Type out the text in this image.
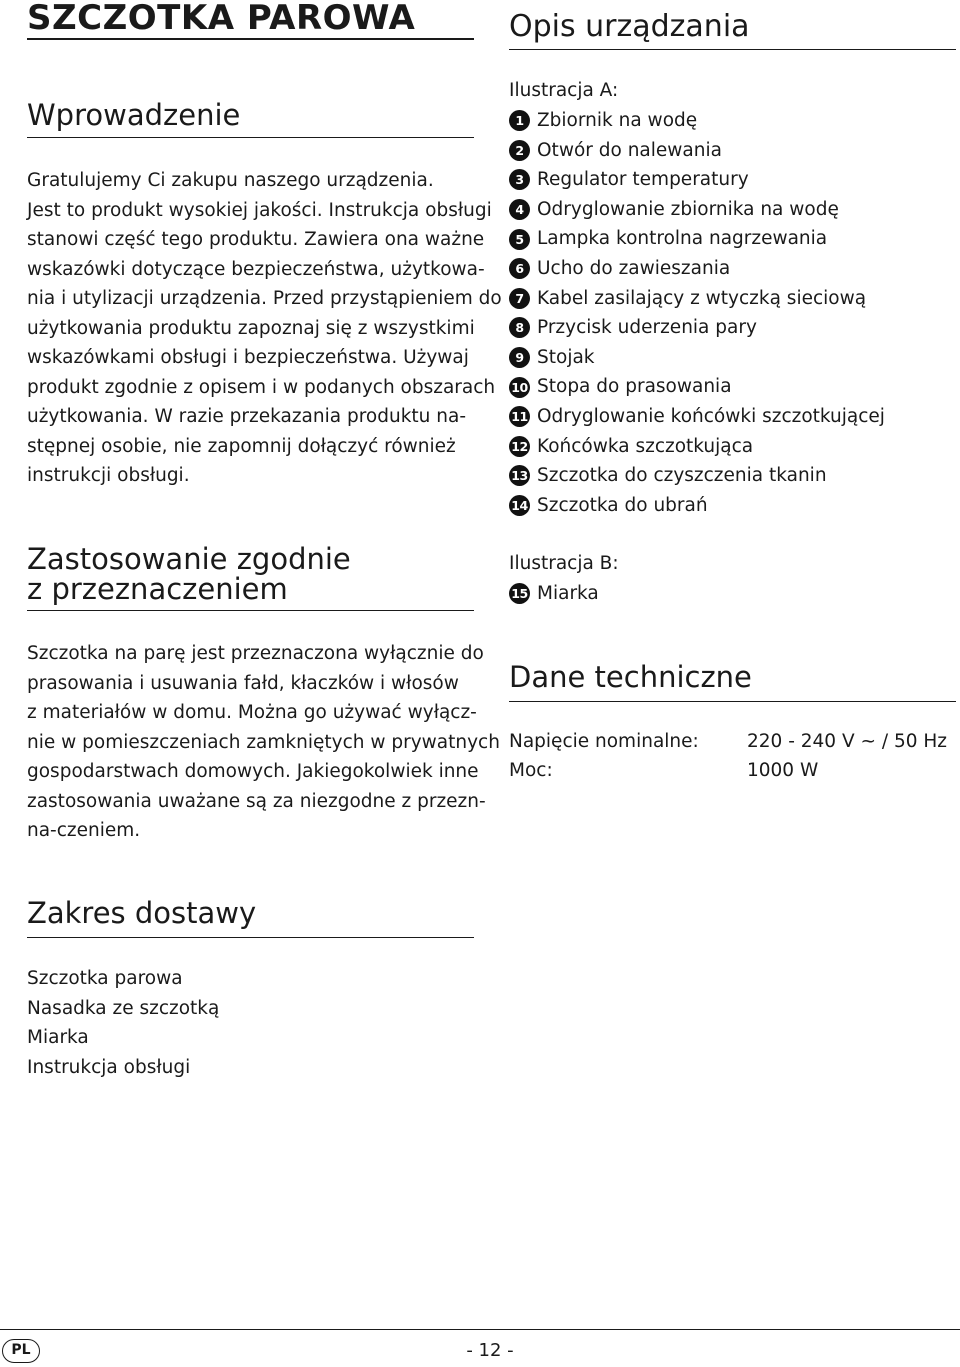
SZCZOTKA PAROWA	Opis urządzania
Wprowadzenie
Gratulujemy Ci zakupu naszego urządzenia.
Jest to produkt wysokiej jakości. Instrukcja obsługi
stanowi część tego produktu. Zawiera ona ważne
wskazówki dotyczące bezpieczeństwa, użytkowa-
nia i utylizacji urządzenia. Przed przystąpieniem do
użytkowania produktu zapoznaj się z wszystkimi
wskazówkami obsługi i bezpieczeństwa. Używaj
produkt zgodnie z opisem i w podanych obszarach
użytkowania. W razie przekazania produktu na-
stępnej osobie, nie zapomnij dołączyć również
instrukcji obsługi.
Zastosowanie zgodnie
z przeznaczeniem
Szczotka na parę jest przeznaczona wyłącznie do
prasowania i usuwania fałd, kłaczków i włosów
z materiałów w domu. Można go używać wyłącz-
nie w pomieszczeniach zamkniętych w prywatnych
gospodarstwach domowych. Jakiegokolwiek inne
zastosowania uważane są za niezgodne z przezn-
na-czeniem.
Zakres dostawy
Szczotka parowa
Nasadka ze szczotką
Miarka
Instrukcja obsługi
Ilustracja A:
1 Zbiornik na wodę
2 Otwór do nalewania
3 Regulator temperatury
4 Odryglowanie zbiornika na wodę
5 Lampka kontrolna nagrzewania
6 Ucho do zawieszania
7 Kabel zasilający z wtyczką sieciową
8 Przycisk uderzenia pary
9 Stojak
10 Stopa do prasowania
11 Odryglowanie końcówki szczotkującej
12 Końcówka szczotkująca
13 Szczotka do czyszczenia tkanin
14 Szczotka do ubrań
Ilustracja B:
15 Miarka
Dane techniczne
Napięcie nominalne:	220 - 240 V ~ / 50 Hz
Moc:	1000 W
PL	- 12 -
